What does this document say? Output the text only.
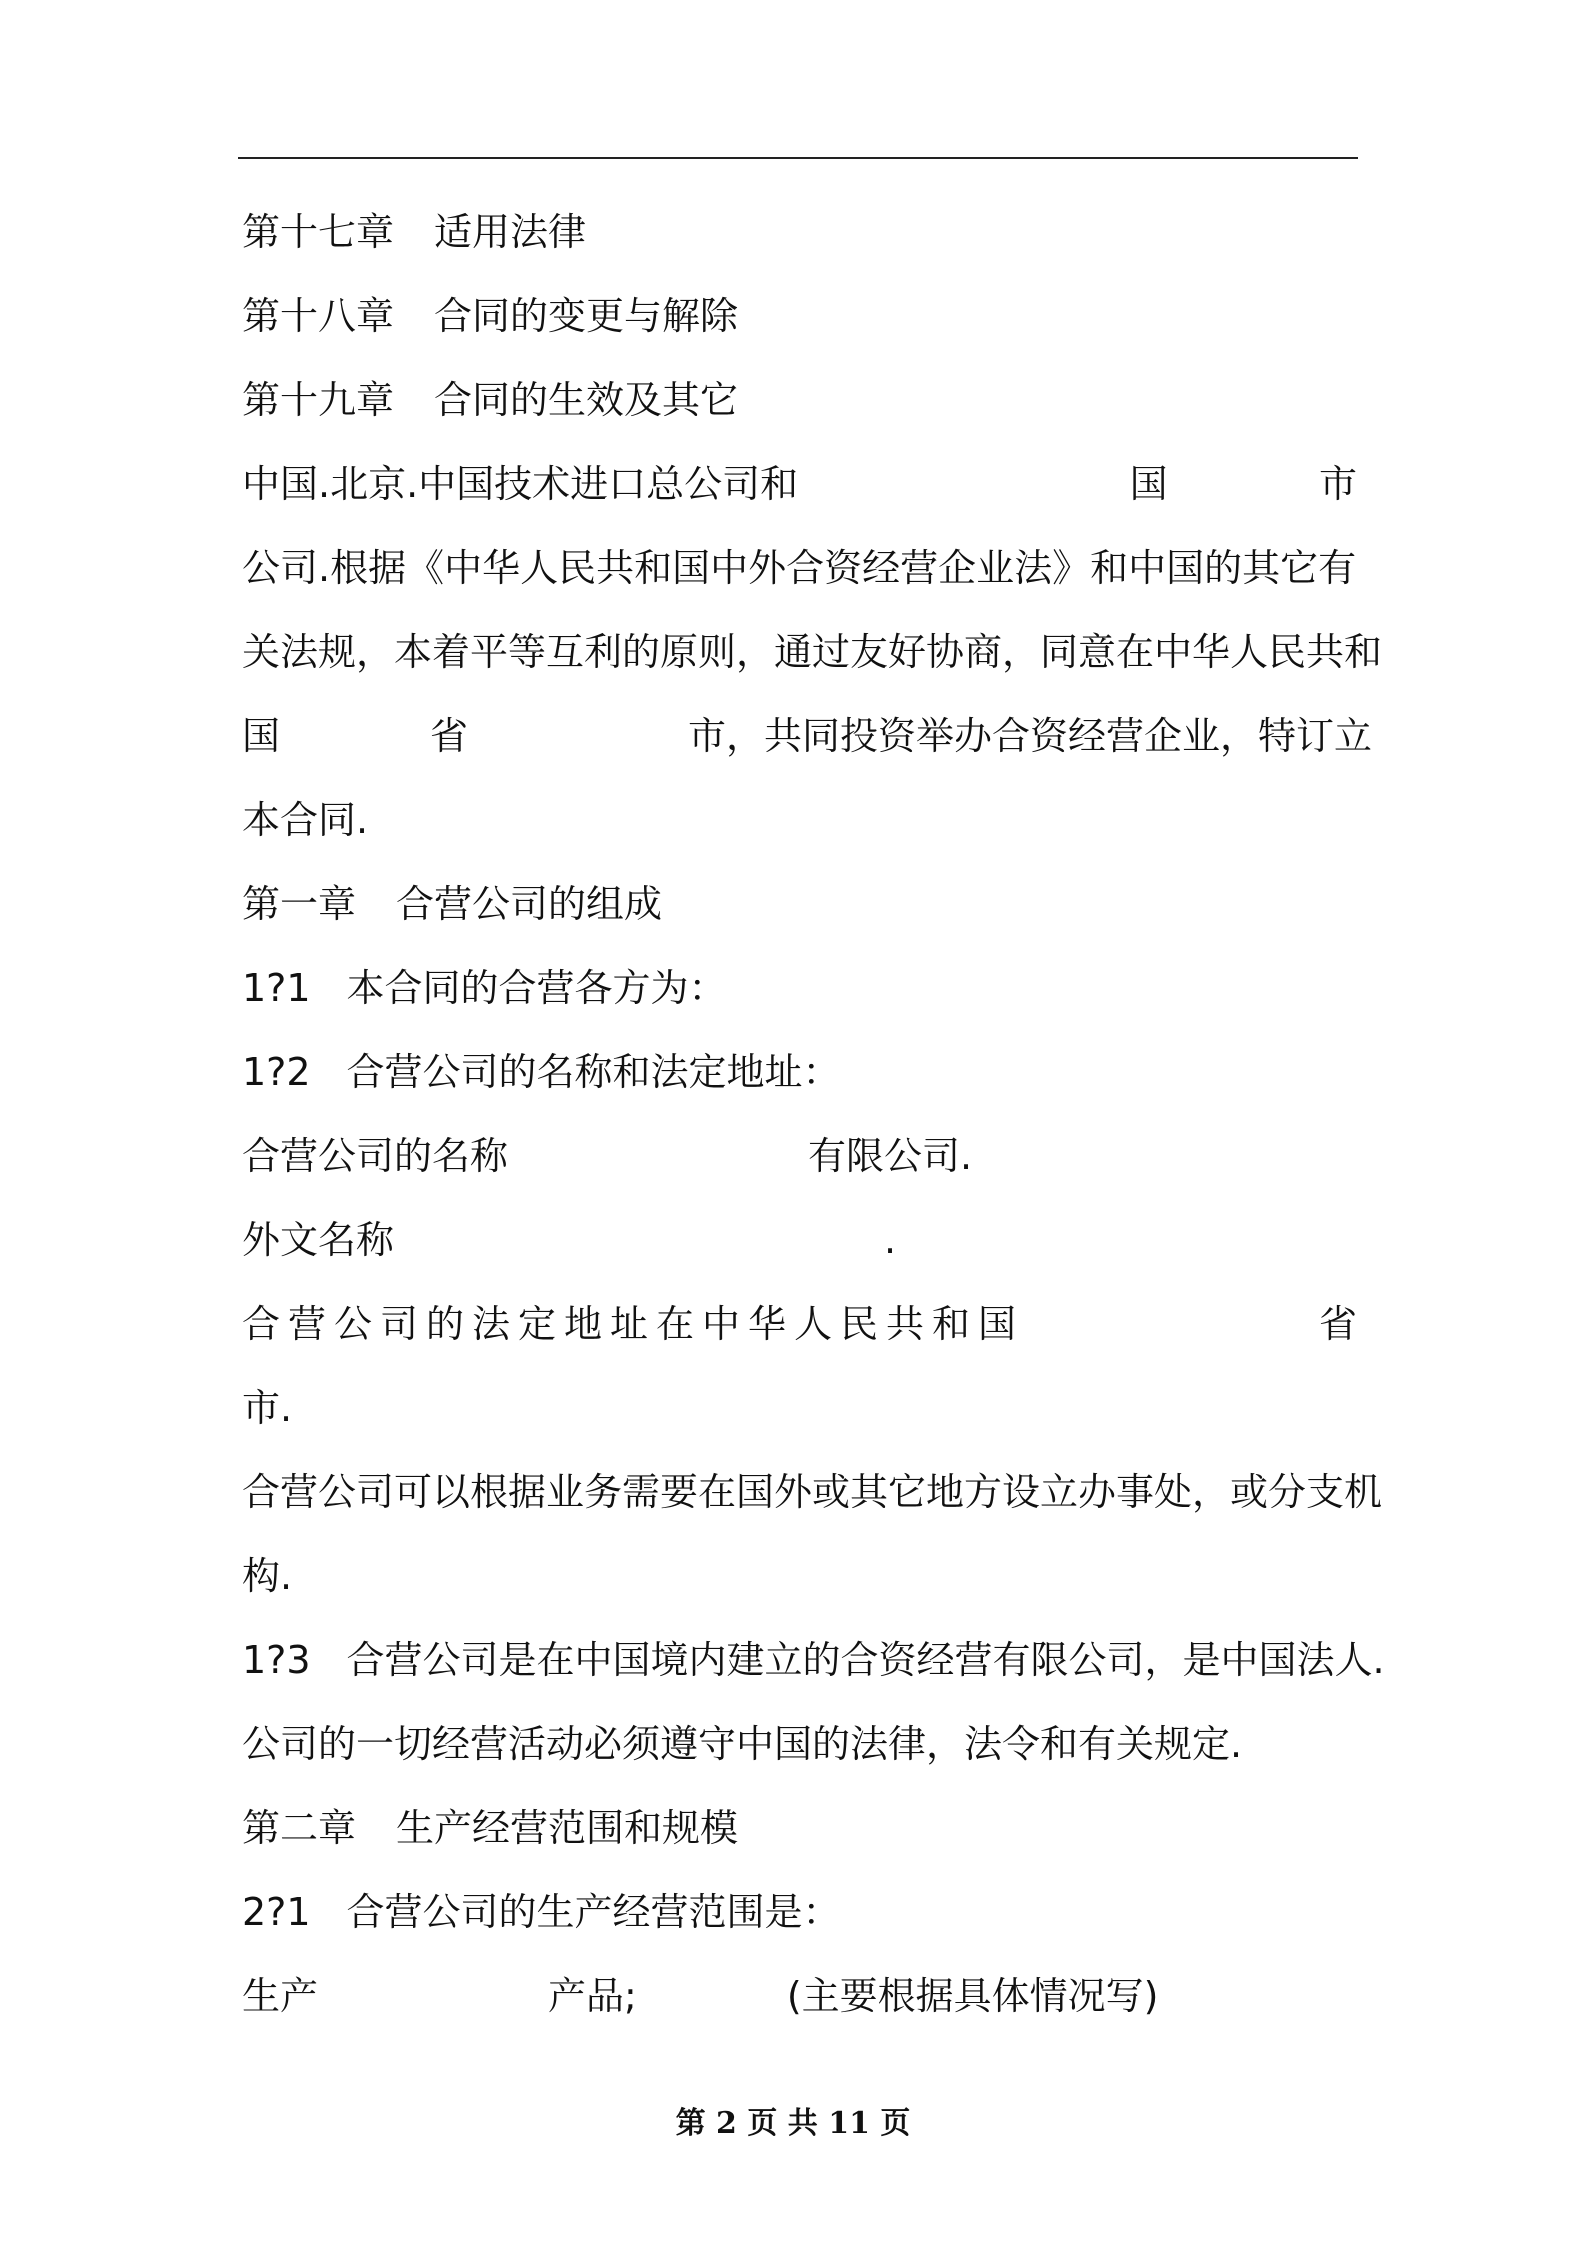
第十七章 适用法律
第十八章 合同的变更与解除
第十九章 合同的生效及其它
中国.北京.中国技术进口总公司和	国	市
公司.根据《中华人民共和国中外合资经营企业法》和中国的其它有
关法规，本着平等互利的原则，通过友好协商，同意在中华人民共和
国	省	市，共同投资举办合资经营企业，特订立
本合同.
第一章 合营公司的组成
1?1 本合同的合营各方为：
1?2 合营公司的名称和法定地址：
合营公司的名称	有限公司.
外文名称	.
合营公司的法定地址在中华人民共和国	省
市.
合营公司可以根据业务需要在国外或其它地方设立办事处，或分支机
构.
1?3 合营公司是在中国境内建立的合资经营有限公司，是中国法人.
公司的一切经营活动必须遵守中国的法律，法令和有关规定.
第二章 生产经营范围和规模
2?1 合营公司的生产经营范围是：
生产	产品;	(主要根据具体情况写)
第 2 页 共 11 页
